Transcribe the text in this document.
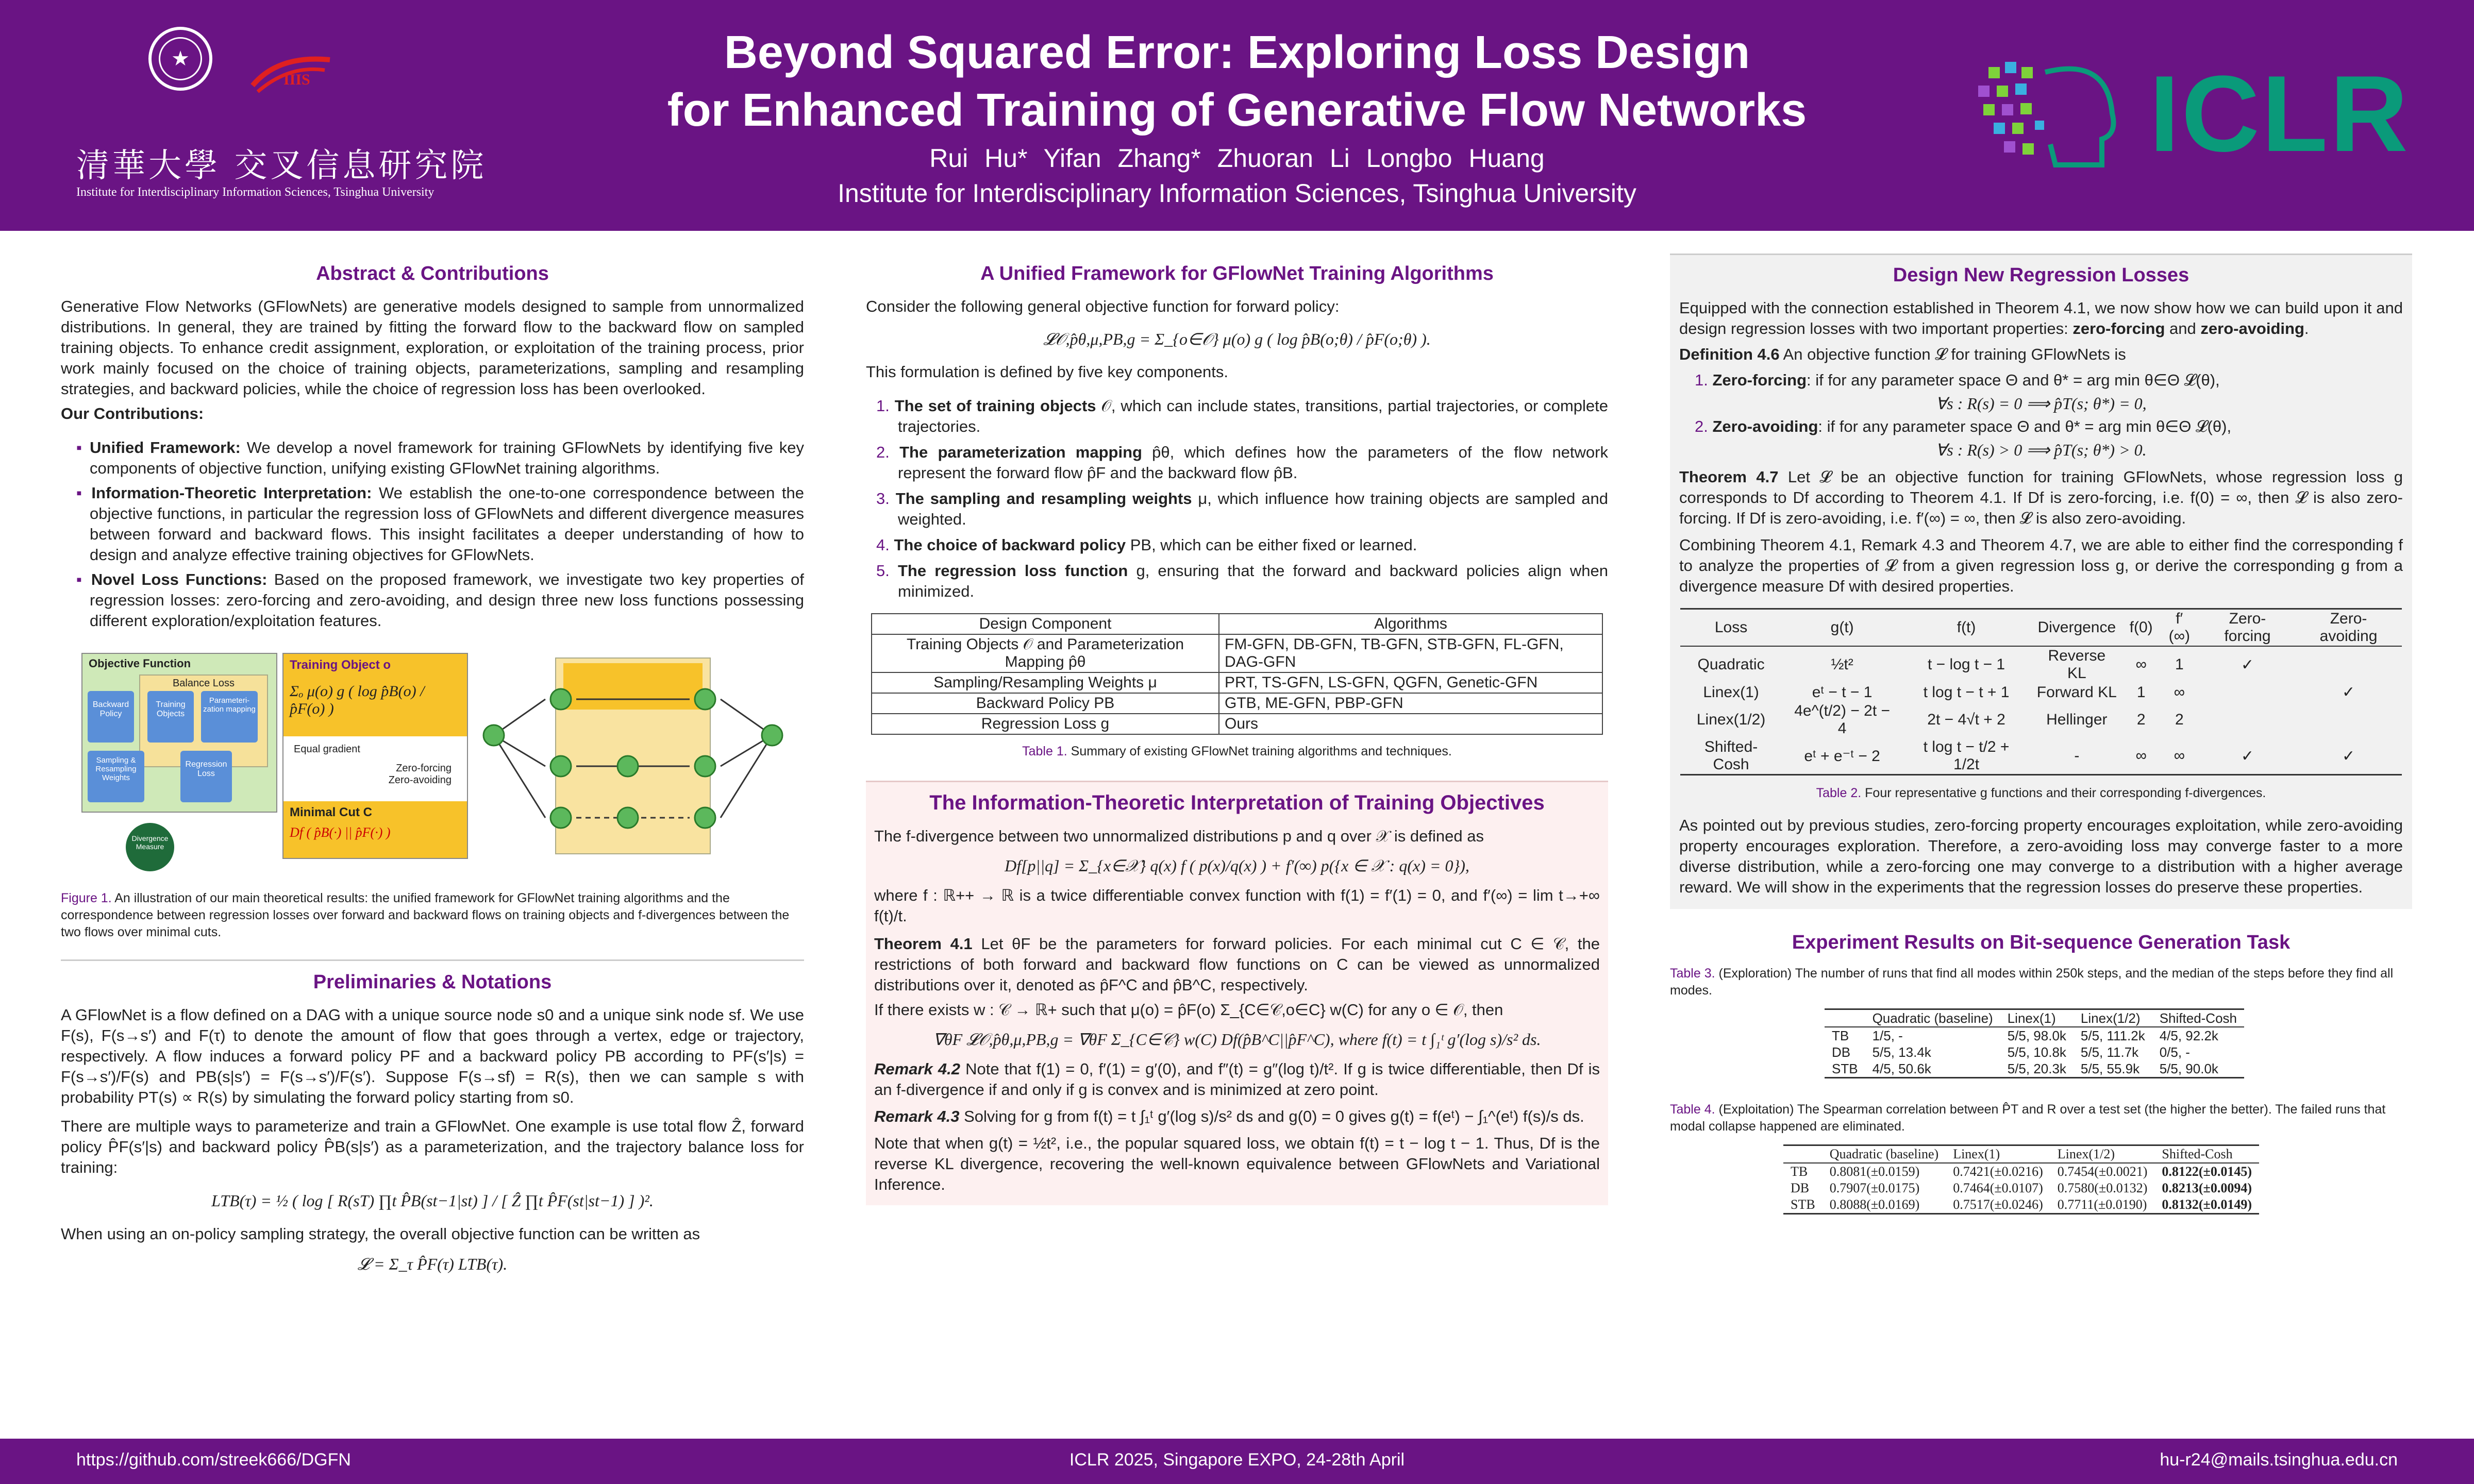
★
IIIS
清華大學 交叉信息研究院
Institute for Interdisciplinary Information Sciences, Tsinghua University
Beyond Squared Error: Exploring Loss Design
for Enhanced Training of Generative Flow Networks
Rui Hu* Yifan Zhang* Zhuoran Li Longbo Huang
Institute for Interdisciplinary Information Sciences, Tsinghua University
ICLR
Abstract & Contributions
Generative Flow Networks (GFlowNets) are generative models designed to sample from unnormalized distributions. In general, they are trained by fitting the forward flow to the backward flow on sampled training objects. To enhance credit assignment, exploration, or exploitation of the training process, prior work mainly focused on the choice of training objects, parameterizations, sampling and resampling strategies, and backward policies, while the choice of regression loss has been overlooked.
Our Contributions:
▪ Unified Framework: We develop a novel framework for training GFlowNets by identifying five key components of objective function, unifying existing GFlowNet training algorithms.
▪ Information-Theoretic Interpretation: We establish the one-to-one correspondence between the objective functions, in particular the regression loss of GFlowNets and different divergence measures between forward and backward flows. This insight facilitates a deeper understanding of how to design and analyze effective training objectives for GFlowNets.
▪ Novel Loss Functions: Based on the proposed framework, we investigate two key properties of regression losses: zero-forcing and zero-avoiding, and design three new loss functions possessing different exploration/exploitation features.
Objective Function
Balance Loss
Backward Policy
Training Objects
Parameteri-zation mapping
Sampling & Resampling Weights
Regression Loss
Divergence Measure
Training Object o
Σₒ μ(o) g ( log p̂B(o) / p̂F(o) )
Equal gradient
Zero-forcing
Zero-avoiding
Minimal Cut C
Df ( p̂B(·) || p̂F(·) )
Figure 1. An illustration of our main theoretical results: the unified framework for GFlowNet training algorithms and the correspondence between regression losses over forward and backward flows on training objects and f-divergences between the two flows over minimal cuts.
Preliminaries & Notations
A GFlowNet is a flow defined on a DAG with a unique source node s0 and a unique sink node sf. We use F(s), F(s→s′) and F(τ) to denote the amount of flow that goes through a vertex, edge or trajectory, respectively. A flow induces a forward policy PF and a backward policy PB according to PF(s′|s) = F(s→s′)/F(s) and PB(s|s′) = F(s→s′)/F(s′). Suppose F(s→sf) = R(s), then we can sample s with probability PT(s) ∝ R(s) by simulating the forward policy starting from s0.
There are multiple ways to parameterize and train a GFlowNet. One example is use total flow Ẑ, forward policy P̂F(s′|s) and backward policy P̂B(s|s′) as a parameterization, and the trajectory balance loss for training:
LTB(τ) = ½ ( log [ R(sT) ∏t P̂B(st−1|st) ] / [ Ẑ ∏t P̂F(st|st−1) ] )².
When using an on-policy sampling strategy, the overall objective function can be written as
𝓛 = Σ_τ P̂F(τ) LTB(τ).
A Unified Framework for GFlowNet Training Algorithms
Consider the following general objective function for forward policy:
𝓛𝒪,p̂θ,μ,PB,g = Σ_{o∈𝒪} μ(o) g ( log p̂B(o;θ) / p̂F(o;θ) ).
This formulation is defined by five key components.
1. The set of training objects 𝒪, which can include states, transitions, partial trajectories, or complete trajectories.
2. The parameterization mapping p̂θ, which defines how the parameters of the flow network represent the forward flow p̂F and the backward flow p̂B.
3. The sampling and resampling weights μ, which influence how training objects are sampled and weighted.
4. The choice of backward policy PB, which can be either fixed or learned.
5. The regression loss function g, ensuring that the forward and backward policies align when minimized.
Design Component	Algorithms
Training Objects 𝒪 and Parameterization Mapping p̂θ	FM-GFN, DB-GFN, TB-GFN, STB-GFN, FL-GFN, DAG-GFN
Sampling/Resampling Weights μ	PRT, TS-GFN, LS-GFN, QGFN, Genetic-GFN
Backward Policy PB	GTB, ME-GFN, PBP-GFN
Regression Loss g	Ours
Table 1. Summary of existing GFlowNet training algorithms and techniques.
The Information-Theoretic Interpretation of Training Objectives
The f-divergence between two unnormalized distributions p and q over 𝒳 is defined as
Df[p||q] = Σ_{x∈𝒳} q(x) f ( p(x)/q(x) ) + f′(∞) p({x ∈ 𝒳 : q(x) = 0}),
where f : ℝ++ → ℝ is a twice differentiable convex function with f(1) = f′(1) = 0, and f′(∞) = lim t→+∞ f(t)/t.
Theorem 4.1 Let θF be the parameters for forward policies. For each minimal cut C ∈ 𝒞, the restrictions of both forward and backward flow functions on C can be viewed as unnormalized distributions over it, denoted as p̂F^C and p̂B^C, respectively.
If there exists w : 𝒞 → ℝ+ such that μ(o) = p̂F(o) Σ_{C∈𝒞,o∈C} w(C) for any o ∈ 𝒪, then
∇θF 𝓛𝒪,p̂θ,μ,PB,g = ∇θF Σ_{C∈𝒞} w(C) Df(p̂B^C||p̂F^C), where f(t) = t ∫₁ᵗ g′(log s)/s² ds.
Remark 4.2 Note that f(1) = 0, f′(1) = g′(0), and f″(t) = g″(log t)/t². If g is twice differentiable, then Df is an f-divergence if and only if g is convex and is minimized at zero point.
Remark 4.3 Solving for g from f(t) = t ∫₁ᵗ g′(log s)/s² ds and g(0) = 0 gives g(t) = f(eᵗ) − ∫₁^(eᵗ) f(s)/s ds.
Note that when g(t) = ½t², i.e., the popular squared loss, we obtain f(t) = t − log t − 1. Thus, Df is the reverse KL divergence, recovering the well-known equivalence between GFlowNets and Variational Inference.
Design New Regression Losses
Equipped with the connection established in Theorem 4.1, we now show how we can build upon it and design regression losses with two important properties: zero-forcing and zero-avoiding.
Definition 4.6 An objective function 𝓛 for training GFlowNets is
1. Zero-forcing: if for any parameter space Θ and θ* = arg min θ∈Θ 𝓛(θ),
∀s : R(s) = 0 ⟹ p̂T(s; θ*) = 0,
2. Zero-avoiding: if for any parameter space Θ and θ* = arg min θ∈Θ 𝓛(θ),
∀s : R(s) > 0 ⟹ p̂T(s; θ*) > 0.
Theorem 4.7 Let 𝓛 be an objective function for training GFlowNets, whose regression loss g corresponds to Df according to Theorem 4.1. If Df is zero-forcing, i.e. f(0) = ∞, then 𝓛 is also zero-forcing. If Df is zero-avoiding, i.e. f′(∞) = ∞, then 𝓛 is also zero-avoiding.
Combining Theorem 4.1, Remark 4.3 and Theorem 4.7, we are able to either find the corresponding f to analyze the properties of 𝓛 from a given regression loss g, or derive the corresponding g from a divergence measure Df with desired properties.
Loss	g(t)	f(t)	Divergence	f(0)	f′(∞)	Zero-forcing	Zero-avoiding
Quadratic	½t²	t − log t − 1	Reverse KL	∞	1	✓	
Linex(1)	eᵗ − t − 1	t log t − t + 1	Forward KL	1	∞		✓
Linex(1/2)	4e^(t/2) − 2t − 4	2t − 4√t + 2	Hellinger	2	2		
Shifted-Cosh	eᵗ + e⁻ᵗ − 2	t log t − t/2 + 1/2t	-	∞	∞	✓	✓
Table 2. Four representative g functions and their corresponding f-divergences.
As pointed out by previous studies, zero-forcing property encourages exploitation, while zero-avoiding property encourages exploration. Therefore, a zero-avoiding loss may converge faster to a more diverse distribution, while a zero-forcing one may converge to a distribution with a higher average reward. We will show in the experiments that the regression losses do preserve these properties.
Experiment Results on Bit-sequence Generation Task
Table 3. (Exploration) The number of runs that find all modes within 250k steps, and the median of the steps before they find all modes.
	Quadratic (baseline)	Linex(1)	Linex(1/2)	Shifted-Cosh
TB	1/5, -	5/5, 98.0k	5/5, 111.2k	4/5, 92.2k
DB	5/5, 13.4k	5/5, 10.8k	5/5, 11.7k	0/5, -
STB	4/5, 50.6k	5/5, 20.3k	5/5, 55.9k	5/5, 90.0k
Table 4. (Exploitation) The Spearman correlation between P̂T and R over a test set (the higher the better). The failed runs that modal collapse happened are eliminated.
	Quadratic (baseline)	Linex(1)	Linex(1/2)	Shifted-Cosh
TB	0.8081(±0.0159)	0.7421(±0.0216)	0.7454(±0.0021)	0.8122(±0.0145)
DB	0.7907(±0.0175)	0.7464(±0.0107)	0.7580(±0.0132)	0.8213(±0.0094)
STB	0.8088(±0.0169)	0.7517(±0.0246)	0.7711(±0.0190)	0.8132(±0.0149)
ICLR 2025, Singapore EXPO, 24-28th April
https://github.com/streek666/DGFN	hu-r24@mails.tsinghua.edu.cn
